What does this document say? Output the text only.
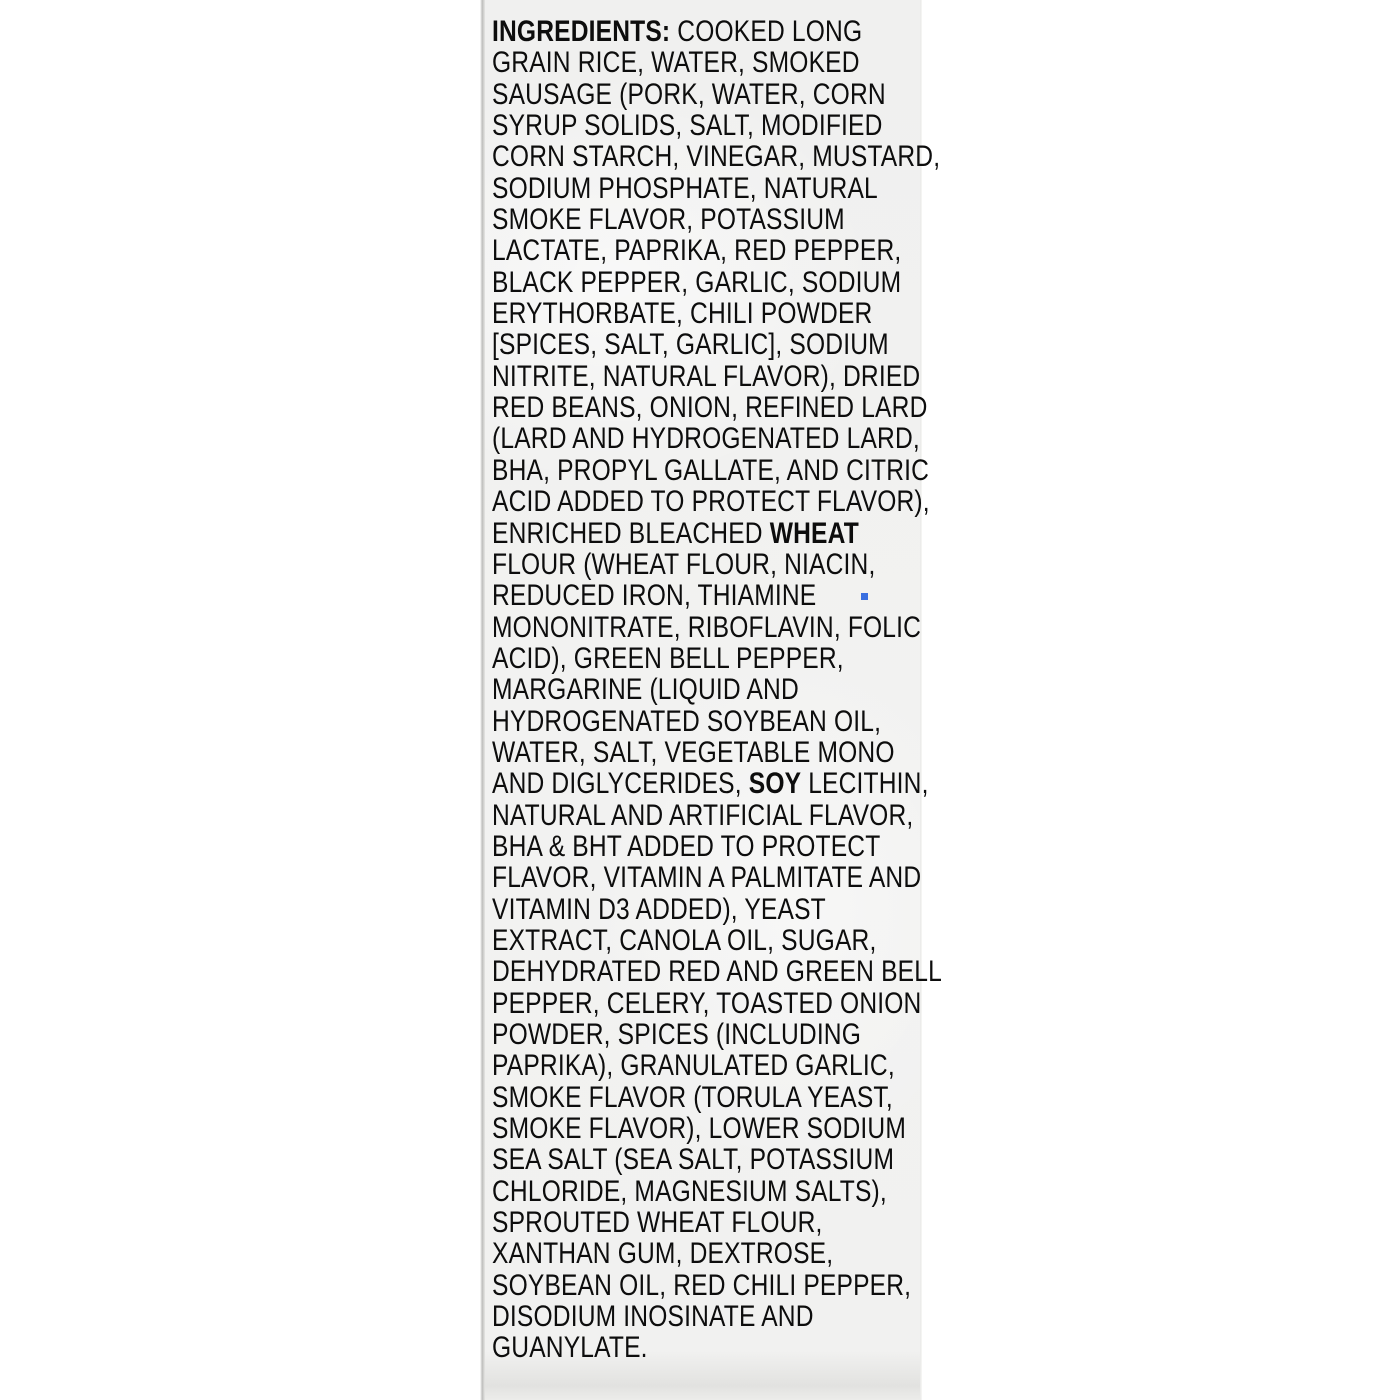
INGREDIENTS: COOKED LONG
GRAIN RICE, WATER, SMOKED
SAUSAGE (PORK, WATER, CORN
SYRUP SOLIDS, SALT, MODIFIED
CORN STARCH, VINEGAR, MUSTARD,
SODIUM PHOSPHATE, NATURAL
SMOKE FLAVOR, POTASSIUM
LACTATE, PAPRIKA, RED PEPPER,
BLACK PEPPER, GARLIC, SODIUM
ERYTHORBATE, CHILI POWDER
[SPICES, SALT, GARLIC], SODIUM
NITRITE, NATURAL FLAVOR), DRIED
RED BEANS, ONION, REFINED LARD
(LARD AND HYDROGENATED LARD,
BHA, PROPYL GALLATE, AND CITRIC
ACID ADDED TO PROTECT FLAVOR),
ENRICHED BLEACHED WHEAT
FLOUR (WHEAT FLOUR, NIACIN,
REDUCED IRON, THIAMINE
MONONITRATE, RIBOFLAVIN, FOLIC
ACID), GREEN BELL PEPPER,
MARGARINE (LIQUID AND
HYDROGENATED SOYBEAN OIL,
WATER, SALT, VEGETABLE MONO
AND DIGLYCERIDES, SOY LECITHIN,
NATURAL AND ARTIFICIAL FLAVOR,
BHA & BHT ADDED TO PROTECT
FLAVOR, VITAMIN A PALMITATE AND
VITAMIN D3 ADDED), YEAST
EXTRACT, CANOLA OIL, SUGAR,
DEHYDRATED RED AND GREEN BELL
PEPPER, CELERY, TOASTED ONION
POWDER, SPICES (INCLUDING
PAPRIKA), GRANULATED GARLIC,
SMOKE FLAVOR (TORULA YEAST,
SMOKE FLAVOR), LOWER SODIUM
SEA SALT (SEA SALT, POTASSIUM
CHLORIDE, MAGNESIUM SALTS),
SPROUTED WHEAT FLOUR,
XANTHAN GUM, DEXTROSE,
SOYBEAN OIL, RED CHILI PEPPER,
DISODIUM INOSINATE AND
GUANYLATE.
